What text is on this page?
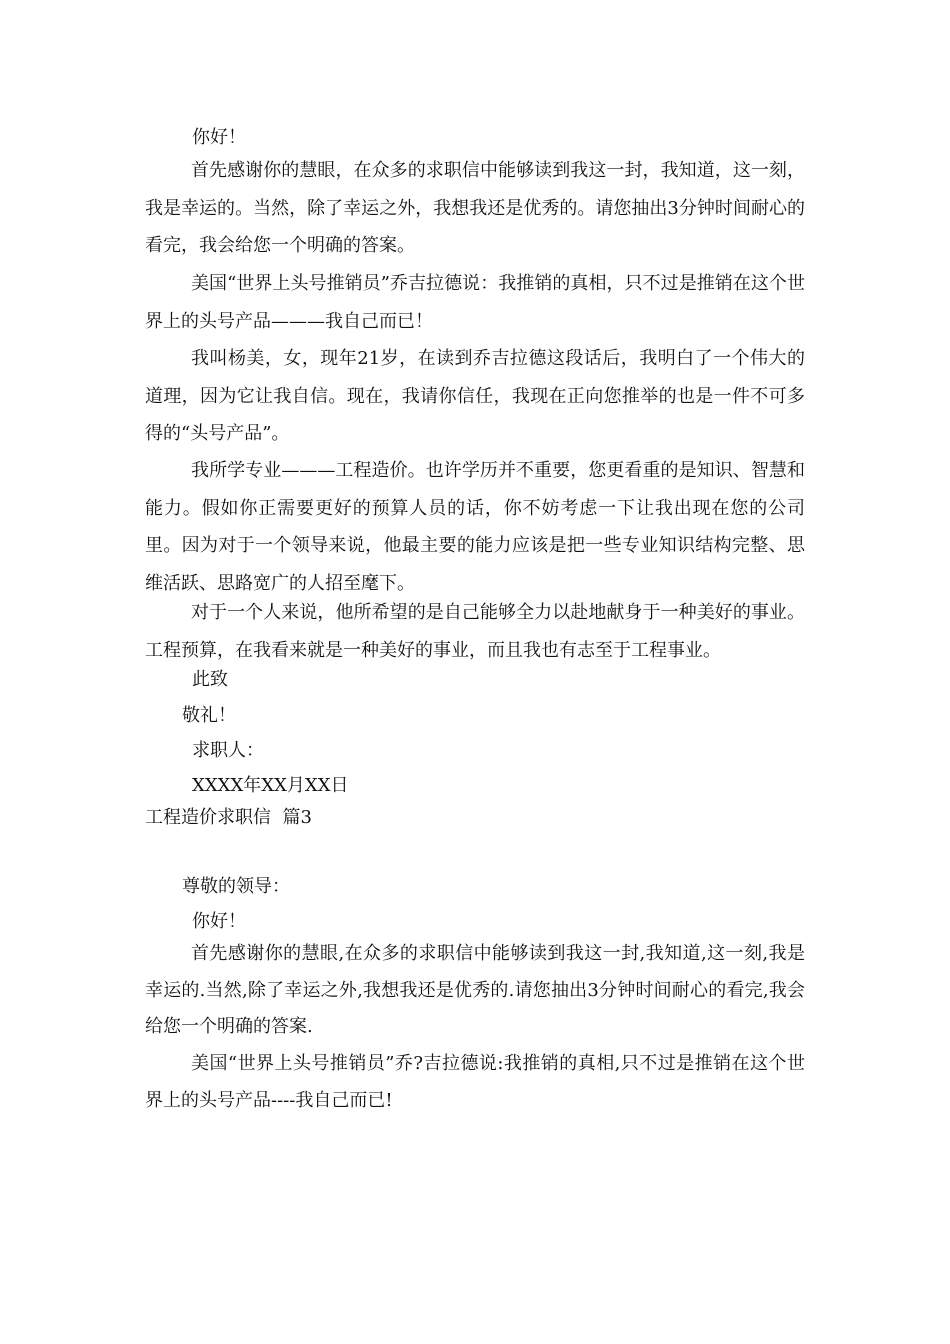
你好！

首先感谢你的慧眼，在众多的求职信中能够读到我这一封，我知道，这一刻，我是幸运的。当然，除了幸运之外，我想我还是优秀的。请您抽出3分钟时间耐心的看完，我会给您一个明确的答案。

美国“世界上头号推销员”乔吉拉德说：我推销的真相，只不过是推销在这个世界上的头号产品———我自己而已！

我叫杨美，女，现年21岁，在读到乔吉拉德这段话后，我明白了一个伟大的道理，因为它让我自信。现在，我请你信任，我现在正向您推举的也是一件不可多得的“头号产品”。

我所学专业———工程造价。也许学历并不重要，您更看重的是知识、智慧和能力。假如你正需要更好的预算人员的话，你不妨考虑一下让我出现在您的公司里。因为对于一个领导来说，他最主要的能力应该是把一些专业知识结构完整、思维活跃、思路宽广的人招至麾下。

对于一个人来说，他所希望的是自己能够全力以赴地献身于一种美好的事业。工程预算，在我看来就是一种美好的事业，而且我也有志至于工程事业。

此致
敬礼！
求职人：
XXXX年XX月XX日
工程造价求职信  篇3
尊敬的领导：
你好！

首先感谢你的慧眼,在众多的求职信中能够读到我这一封,我知道,这一刻,我是幸运的.当然,除了幸运之外,我想我还是优秀的.请您抽出3分钟时间耐心的看完,我会给您一个明确的答案.

美国“世界上头号推销员”乔?吉拉德说:我推销的真相,只不过是推销在这个世界上的头号产品----我自己而已!
